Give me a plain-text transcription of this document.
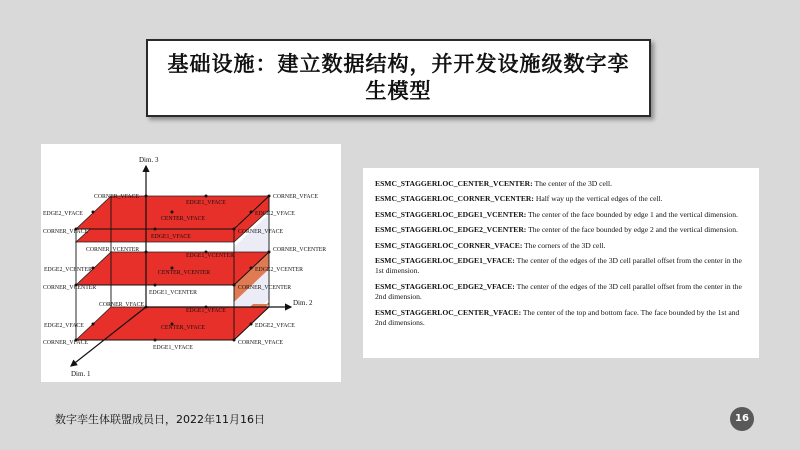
基础设施：建立数据结构，并开发设施级数字孪生模型
Dim. 3
Dim. 2
Dim. 1
CORNER_VFACE
EDGE1_VFACE
CORNER_VFACE
CENTER_VFACE
EDGE2_VFACE	EDGE2_VFACE
CORNER_VFACE
EDGE1_VFACE
CORNER_VFACE
CORNER_VCENTER
EDGE1_VCENTER
CORNER_VCENTER
EDGE2_VCENTER	CENTER_VCENTER	EDGE2_VCENTER
CORNER_VCENTER
EDGE1_VCENTER
CORNER_VCENTER
CORNER_VFACE
EDGE1_VFACE
EDGE2_VFACE	CENTER_VFACE	EDGE2_VFACE
CORNER_VFACE
EDGE1_VFACE
CORNER_VFACE
ESMC_STAGGERLOC_CENTER_VCENTER: The center of the 3D cell.
ESMC_STAGGERLOC_CORNER_VCENTER: Half way up the vertical edges of the cell.
ESMC_STAGGERLOC_EDGE1_VCENTER: The center of the face bounded by edge 1 and the vertical dimension.
ESMC_STAGGERLOC_EDGE2_VCENTER: The center of the face bounded by edge 2 and the vertical dimension.
ESMC_STAGGERLOC_CORNER_VFACE: The corners of the 3D cell.
ESMC_STAGGERLOC_EDGE1_VFACE: The center of the edges of the 3D cell parallel offset from the center in the 1st dimension.
ESMC_STAGGERLOC_EDGE2_VFACE: The center of the edges of the 3D cell parallel offset from the center in the 2nd dimension.
ESMC_STAGGERLOC_CENTER_VFACE: The center of the top and bottom face. The face bounded by the 1st and 2nd dimensions.
数字孪生体联盟成员日，2022年11月16日	16
